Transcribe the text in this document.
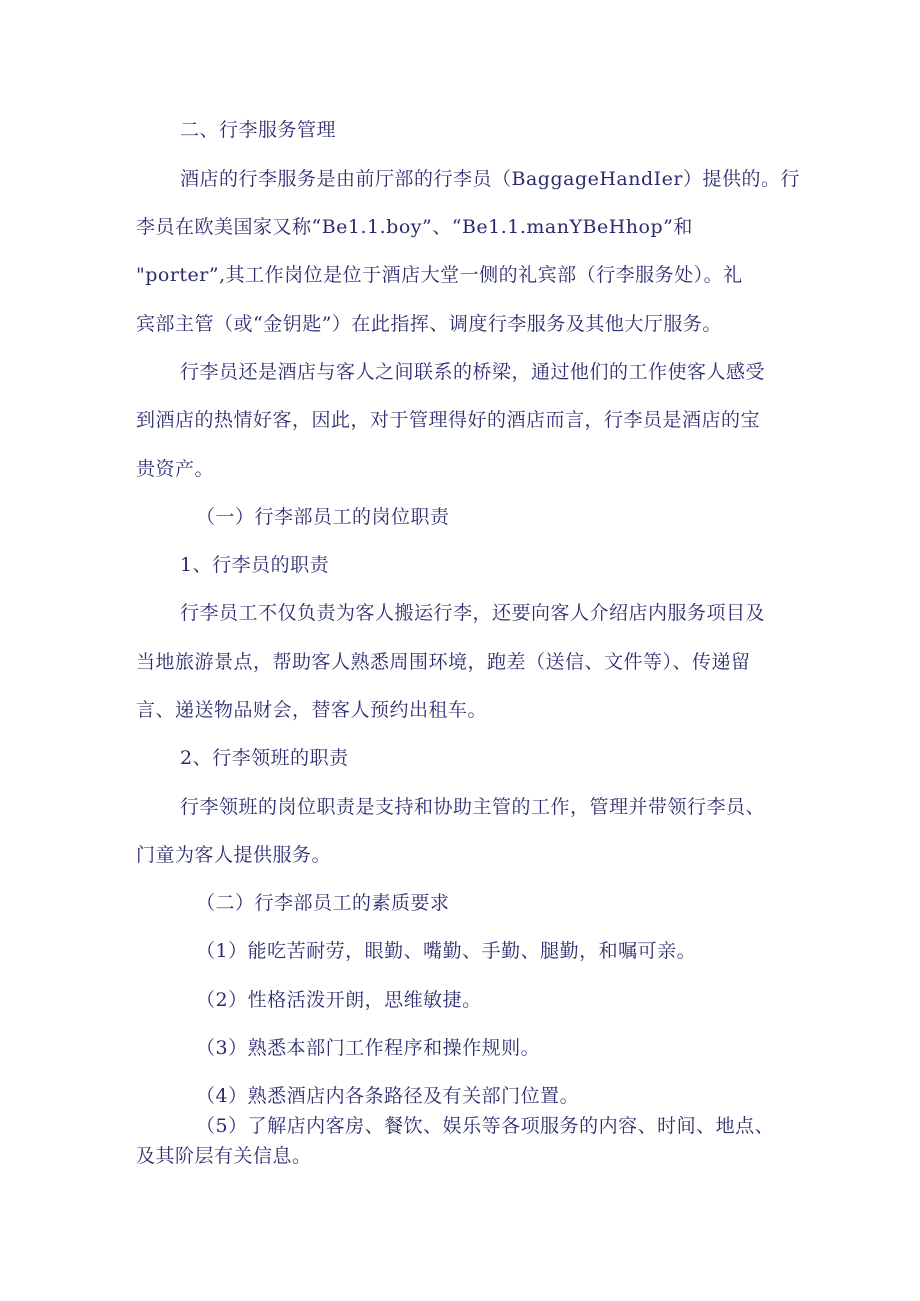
二、行李服务管理

酒店的行李服务是由前厅部的行李员（BaggageHandIer）提供的。行

李员在欧美国家又称“Be1.1.boy”、“Be1.1.manYBeHhop”和

"porter”,其工作岗位是位于酒店大堂一侧的礼宾部（行李服务处）。礼

宾部主管（或“金钥匙”）在此指挥、调度行李服务及其他大厅服务。

行李员还是酒店与客人之间联系的桥梁，通过他们的工作使客人感受

到酒店的热情好客，因此，对于管理得好的酒店而言，行李员是酒店的宝

贵资产。

（一）行李部员工的岗位职责

1、行李员的职责

行李员工不仅负责为客人搬运行李，还要向客人介绍店内服务项目及

当地旅游景点，帮助客人熟悉周围环境，跑差（送信、文件等）、传递留

言、递送物品财会，替客人预约出租车。

2、行李领班的职责

行李领班的岗位职责是支持和协助主管的工作，管理并带领行李员、

门童为客人提供服务。

（二）行李部员工的素质要求

（1）能吃苦耐劳，眼勤、嘴勤、手勤、腿勤，和嘱可亲。

（2）性格活泼开朗，思维敏捷。

（3）熟悉本部门工作程序和操作规则。

（4）熟悉酒店内各条路径及有关部门位置。

（5）了解店内客房、餐饮、娱乐等各项服务的内容、时间、地点、

及其阶层有关信息。
